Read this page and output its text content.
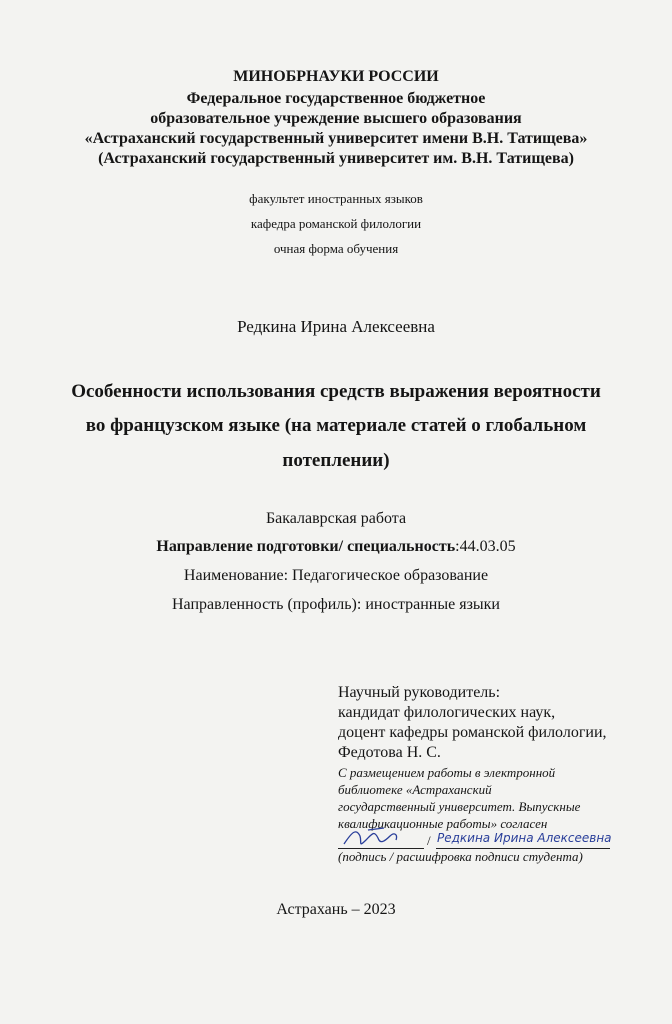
МИНОБРНАУКИ РОССИИ
Федеральное государственное бюджетное
образовательное учреждение высшего образования
«Астраханский государственный университет имени В.Н. Татищева»
(Астраханский государственный университет им. В.Н. Татищева)
факультет иностранных языков
кафедра романской филологии
очная форма обучения
Редкина Ирина Алексеевна
Особенности использования средств выражения вероятности
во французском языке (на материале статей о глобальном
потеплении)
Бакалаврская работа
Направление подготовки/ специальность:44.03.05
Наименование: Педагогическое образование
Направленность (профиль): иностранные языки
Научный руководитель:
кандидат филологических наук,
доцент кафедры романской филологии,
Федотова Н. С.
С размещением работы в электронной
библиотеке «Астраханский
государственный университет. Выпускные
квалификационные работы» согласен
/ Редкина Ирина Алексеевна
(подпись / расшифровка подписи студента)
Астрахань – 2023
